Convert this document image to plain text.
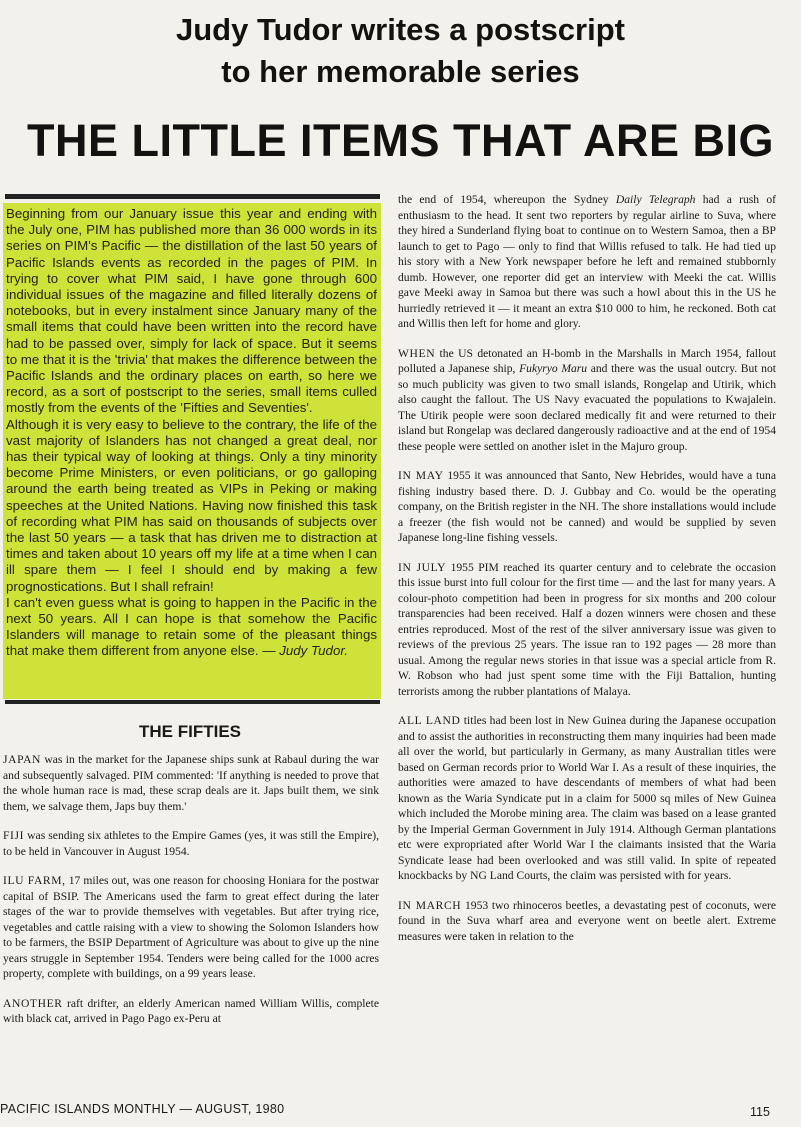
Judy Tudor writes a postscript
to her memorable series
THE LITTLE ITEMS THAT ARE BIG

Beginning from our January issue this year and ending with the July one, PIM has published more than 36 000 words in its series on PIM's Pacific — the distillation of the last 50 years of Pacific Islands events as recorded in the pages of PIM. In trying to cover what PIM said, I have gone through 600 individual issues of the magazine and filled literally dozens of notebooks, but in every instalment since January many of the small items that could have been written into the record have had to be passed over, simply for lack of space. But it seems to me that it is the 'trivia' that makes the difference between the Pacific Islands and the ordinary places on earth, so here we record, as a sort of postscript to the series, small items culled mostly from the events of the 'Fifties and Seventies'.

Although it is very easy to believe to the contrary, the life of the vast majority of Islanders has not changed a great deal, nor has their typical way of looking at things. Only a tiny minority become Prime Ministers, or even politicians, or go galloping around the earth being treated as VIPs in Peking or making speeches at the United Nations. Having now finished this task of recording what PIM has said on thousands of subjects over the last 50 years — a task that has driven me to distraction at times and taken about 10 years off my life at a time when I can ill spare them — I feel I should end by making a few prognostications. But I shall refrain!

I can't even guess what is going to happen in the Pacific in the next 50 years. All I can hope is that somehow the Pacific Islanders will manage to retain some of the pleasant things that make them different from anyone else. — Judy Tudor.

THE FIFTIES

JAPAN was in the market for the Japanese ships sunk at Rabaul during the war and subsequently salvaged. PIM commented: 'If anything is needed to prove that the whole human race is mad, these scrap deals are it. Japs built them, we sink them, we salvage them, Japs buy them.'

FIJI was sending six athletes to the Empire Games (yes, it was still the Empire), to be held in Vancouver in August 1954.

ILU FARM, 17 miles out, was one reason for choosing Honiara for the postwar capital of BSIP. The Americans used the farm to great effect during the later stages of the war to provide themselves with vegetables. But after trying rice, vegetables and cattle raising with a view to showing the Solomon Islanders how to be farmers, the BSIP Department of Agriculture was about to give up the nine years struggle in September 1954. Tenders were being called for the 1000 acres property, complete with buildings, on a 99 years lease.

ANOTHER raft drifter, an elderly American named William Willis, complete with black cat, arrived in Pago Pago ex-Peru at

the end of 1954, whereupon the Sydney Daily Telegraph had a rush of enthusiasm to the head. It sent two reporters by regular airline to Suva, where they hired a Sunderland flying boat to continue on to Western Samoa, then a BP launch to get to Pago — only to find that Willis refused to talk. He had tied up his story with a New York newspaper before he left and remained stubbornly dumb. However, one reporter did get an interview with Meeki the cat. Willis gave Meeki away in Samoa but there was such a howl about this in the US he hurriedly retrieved it — it meant an extra $10 000 to him, he reckoned. Both cat and Willis then left for home and glory.

WHEN the US detonated an H-bomb in the Marshalls in March 1954, fallout polluted a Japanese ship, Fukyryo Maru and there was the usual outcry. But not so much publicity was given to two small islands, Rongelap and Utirik, which also caught the fallout. The US Navy evacuated the populations to Kwajalein. The Utirik people were soon declared medically fit and were returned to their island but Rongelap was declared dangerously radioactive and at the end of 1954 these people were settled on another islet in the Majuro group.

IN MAY 1955 it was announced that Santo, New Hebrides, would have a tuna fishing industry based there. D. J. Gubbay and Co. would be the operating company, on the British register in the NH. The shore installations would include a freezer (the fish would not be canned) and would be supplied by seven Japanese long-line fishing vessels.

IN JULY 1955 PIM reached its quarter century and to celebrate the occasion this issue burst into full colour for the first time — and the last for many years. A colour-photo competition had been in progress for six months and 200 colour transparencies had been received. Half a dozen winners were chosen and these entries reproduced. Most of the rest of the silver anniversary issue was given to reviews of the previous 25 years. The issue ran to 192 pages — 28 more than usual. Among the regular news stories in that issue was a special article from R. W. Robson who had just spent some time with the Fiji Battalion, hunting terrorists among the rubber plantations of Malaya.

ALL LAND titles had been lost in New Guinea during the Japanese occupation and to assist the authorities in reconstructing them many inquiries had been made all over the world, but particularly in Germany, as many Australian titles were based on German records prior to World War I. As a result of these inquiries, the authorities were amazed to have descendants of members of what had been known as the Waria Syndicate put in a claim for 5000 sq miles of New Guinea which included the Morobe mining area. The claim was based on a lease granted by the Imperial German Government in July 1914. Although German plantations etc were expropriated after World War I the claimants insisted that the Waria Syndicate lease had been overlooked and was still valid. In spite of repeated knockbacks by NG Land Courts, the claim was persisted with for years.

IN MARCH 1953 two rhinoceros beetles, a devastating pest of coconuts, were found in the Suva wharf area and everyone went on beetle alert. Extreme measures were taken in relation to the

PACIFIC ISLANDS MONTHLY — AUGUST, 1980	115
